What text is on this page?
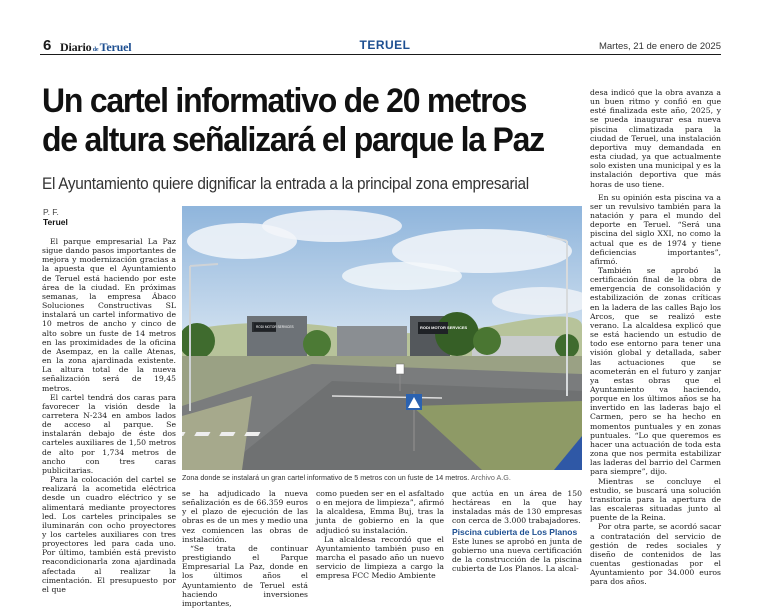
6 Diario de Teruel	TERUEL	Martes, 21 de enero de 2025
Un cartel informativo de 20 metros
de altura señalizará el parque la Paz
El Ayuntamiento quiere dignificar la entrada a la principal zona empresarial
P. F.
Teruel

El parque empresarial La Paz sigue dando pasos importantes de mejora y modernización gracias a la apuesta que el Ayuntamiento de Teruel está haciendo por este área de la ciudad. En próximas semanas, la empresa Ábaco Soluciones Constructivas SL instalará un cartel informativo de 10 metros de ancho y cinco de alto sobre un fuste de 14 metros en las proximidades de la oficina de Asempaz, en la calle Atenas, en la zona ajardinada existente. La altura total de la nueva señalización será de 19,45 metros.

El cartel tendrá dos caras para favorecer la visión desde la carretera N-234 en ambos lados de acceso al parque. Se instalarán debajo de éste dos carteles auxiliares de 1,50 metros de alto por 1,734 metros de ancho con tres caras publicitarias.

Para la colocación del cartel se realizará la acometida eléctrica desde un cuadro eléctrico y se alimentará mediante proyectores led. Los carteles principales se iluminarán con ocho proyectores y los carteles auxiliares con tres proyectores led para cada uno. Por último, también está previsto reacondicionarla zona ajardinada afectada al realizar la cimentación. El presupuesto por el que

RODI MOTOR SERVICES	RODI MOTOR SERVICES
Zona donde se instalará un gran cartel informativo de 5 metros con un fuste de 14 metros. Archivo A.G.

se ha adjudicado la nueva señalización es de 66.359 euros y el plazo de ejecución de las obras es de un mes y medio una vez comiencen las obras de instalación.

“Se trata de continuar prestigiando el Parque Empresarial La Paz, donde en los últimos años el Ayuntamiento de Teruel está haciendo inversiones importantes,

como pueden ser en el asfaltado o en mejora de limpieza”, afirmó la alcaldesa, Emma Buj, tras la junta de gobierno en la que adjudicó su instalación.

La alcaldesa recordó que el Ayuntamiento también puso en marcha el pasado año un nuevo servicio de limpieza a cargo la empresa FCC Medio Ambiente

que actúa en un área de 150 hectáreas en la que hay instaladas más de 130 empresas con cerca de 3.000 trabajadores.

Piscina cubierta de Los Planos

Este lunes se aprobó en junta de gobierno una nueva certificación de la construcción de la piscina cubierta de Los Planos. La alcal-

desa indicó que la obra avanza a un buen ritmo y confió en que esté finalizada este año, 2025, y se pueda inaugurar esa nueva piscina climatizada para la ciudad de Teruel, una instalación deportiva muy demandada en esta ciudad, ya que actualmente solo existen una municipal y es la instalación deportiva que más horas de uso tiene.

En su opinión esta piscina va a ser un revulsivo también para la natación y para el mundo del deporte en Teruel. “Será una piscina del siglo XXI, no como la actual que es de 1974 y tiene deficiencias importantes”, afirmó.

También se aprobó la certificación final de la obra de emergencia de consolidación y estabilización de zonas críticas en la ladera de las calles Bajo los Arcos, que se realizó este verano. La alcaldesa explicó que se está haciendo un estudio de todo ese entorno para tener una visión global y detallada, saber las actuaciones que se acometerán en el futuro y zanjar ya estas obras que el Ayuntamiento va haciendo, porque en los últimos años se ha invertido en las laderas bajo el Carmen, pero se ha hecho en momentos puntuales y en zonas puntuales. “Lo que queremos es hacer una actuación de toda esta zona que nos permita estabilizar las laderas del barrio del Carmen para siempre”, dijo.

Mientras se concluye el estudio, se buscará una solución transitoria para la apertura de las escaleras situadas junto al puente de la Reina.

Por otra parte, se acordó sacar a contratación del servicio de gestión de redes sociales y diseño de contenidos de las cuentas gestionadas por el Ayuntamiento por 34.000 euros para dos años.
